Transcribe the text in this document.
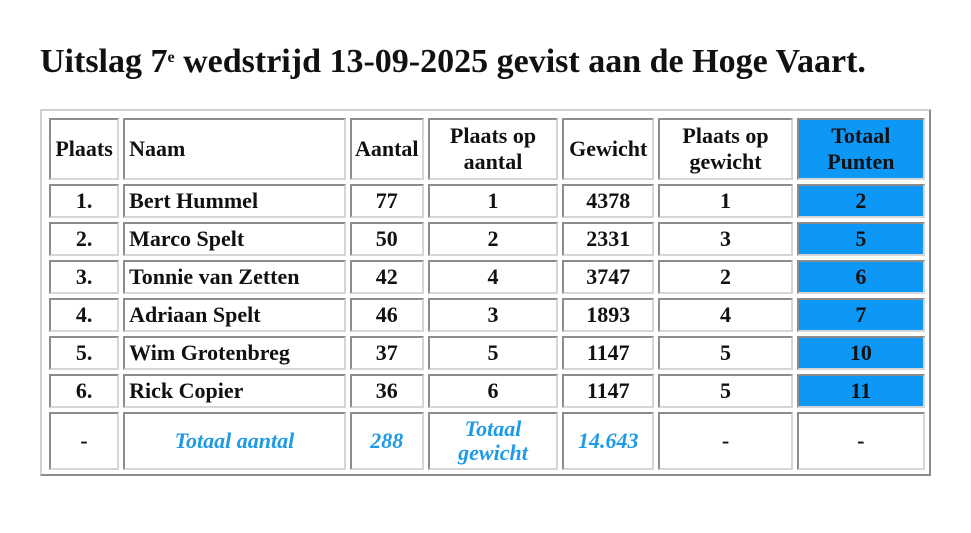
Uitslag 7e wedstrijd 13-09-2025 gevist aan de Hoge Vaart.
Plaats	Naam	Aantal	Plaats op aantal	Gewicht	Plaats op gewicht	Totaal Punten
1.	Bert Hummel	77	1	4378	1	2
2.	Marco Spelt	50	2	2331	3	5
3.	Tonnie van Zetten	42	4	3747	2	6
4.	Adriaan Spelt	46	3	1893	4	7
5.	Wim Grotenbreg	37	5	1147	5	10
6.	Rick Copier	36	6	1147	5	11
-	Totaal aantal	288	Totaal gewicht	14.643	-	-
